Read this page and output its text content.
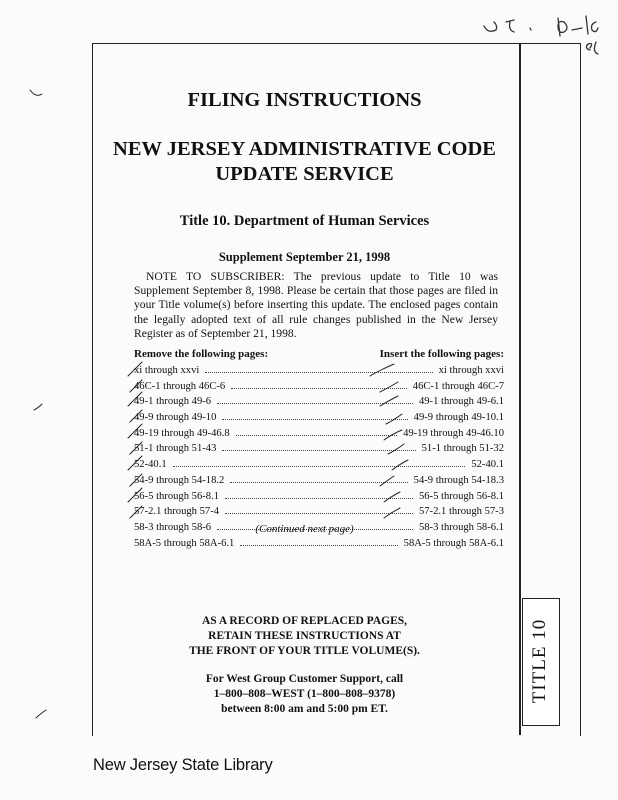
TITLE 10
FILING INSTRUCTIONS
NEW JERSEY ADMINISTRATIVE CODE
UPDATE SERVICE
Title 10. Department of Human Services
Supplement September 21, 1998
NOTE TO SUBSCRIBER: The previous update to Title 10 was Supplement September 8, 1998. Please be certain that those pages are filed in your Title volume(s) before inserting this update. The enclosed pages contain the legally adopted text of all rule changes published in the New Jersey Register as of September 21, 1998.
Remove the following pages:	Insert the following pages:
xi through xxvi	xi through xxvi
46C-1 through 46C-6	46C-1 through 46C-7
49-1 through 49-6	49-1 through 49-6.1
49-9 through 49-10	49-9 through 49-10.1
49-19 through 49-46.8	49-19 through 49-46.10
51-1 through 51-43	51-1 through 51-32
52-40.1	52-40.1
54-9 through 54-18.2	54-9 through 54-18.3
56-5 through 56-8.1	56-5 through 56-8.1
57-2.1 through 57-4	57-2.1 through 57-3
58-3 through 58-6	58-3 through 58-6.1
58A-5 through 58A-6.1	58A-5 through 58A-6.1
(Continued next page)
AS A RECORD OF REPLACED PAGES,
RETAIN THESE INSTRUCTIONS AT
THE FRONT OF YOUR TITLE VOLUME(S).
For West Group Customer Support, call
1–800–808–WEST (1–800–808–9378)
between 8:00 am and 5:00 pm ET.
New Jersey State Library
